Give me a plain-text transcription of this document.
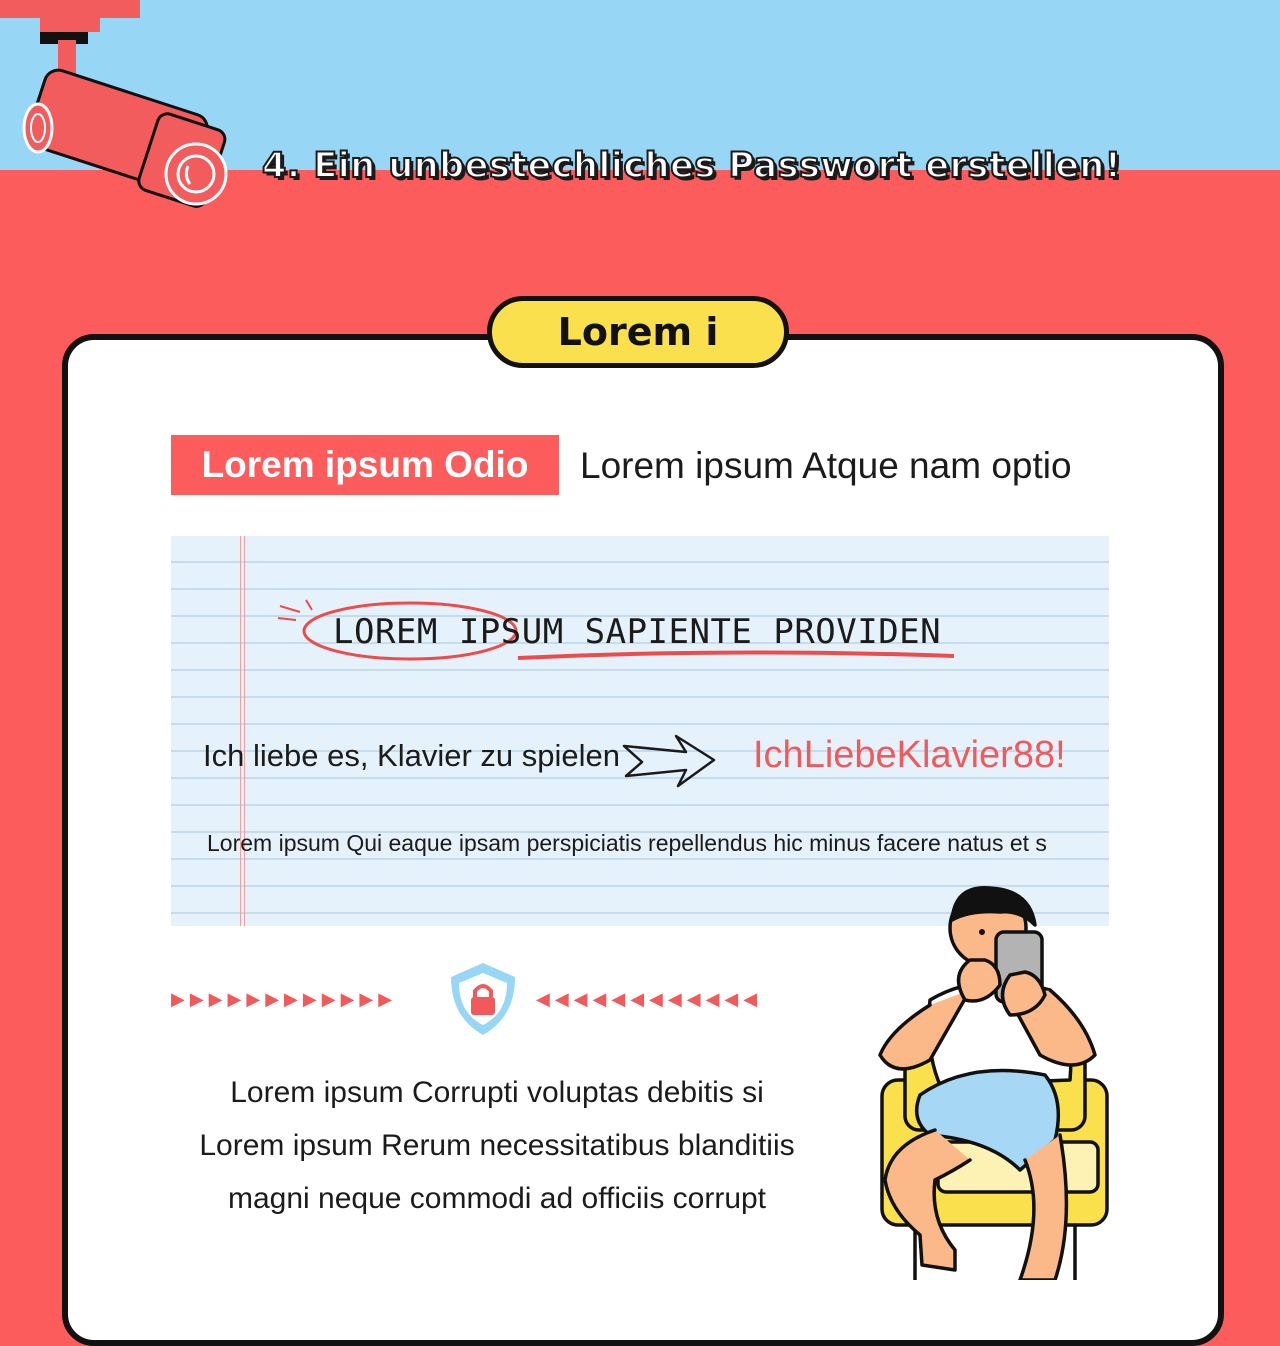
4. Ein unbestechliches Passwort erstellen!
Lorem i
Lorem ipsum Odio	Lorem ipsum Atque nam optio
LOREM IPSUM SAPIENTE PROVIDEN
Ich liebe es, Klavier zu spielen	IchLiebeKlavier88!
Lorem ipsum Qui eaque ipsam perspiciatis repellendus hic minus facere natus et s
▶▶▶▶▶▶▶▶▶▶▶▶	◀◀◀◀◀◀◀◀◀◀◀◀
Lorem ipsum Corrupti voluptas debitis si
Lorem ipsum Rerum necessitatibus blanditiis
magni neque commodi ad officiis corrupt
